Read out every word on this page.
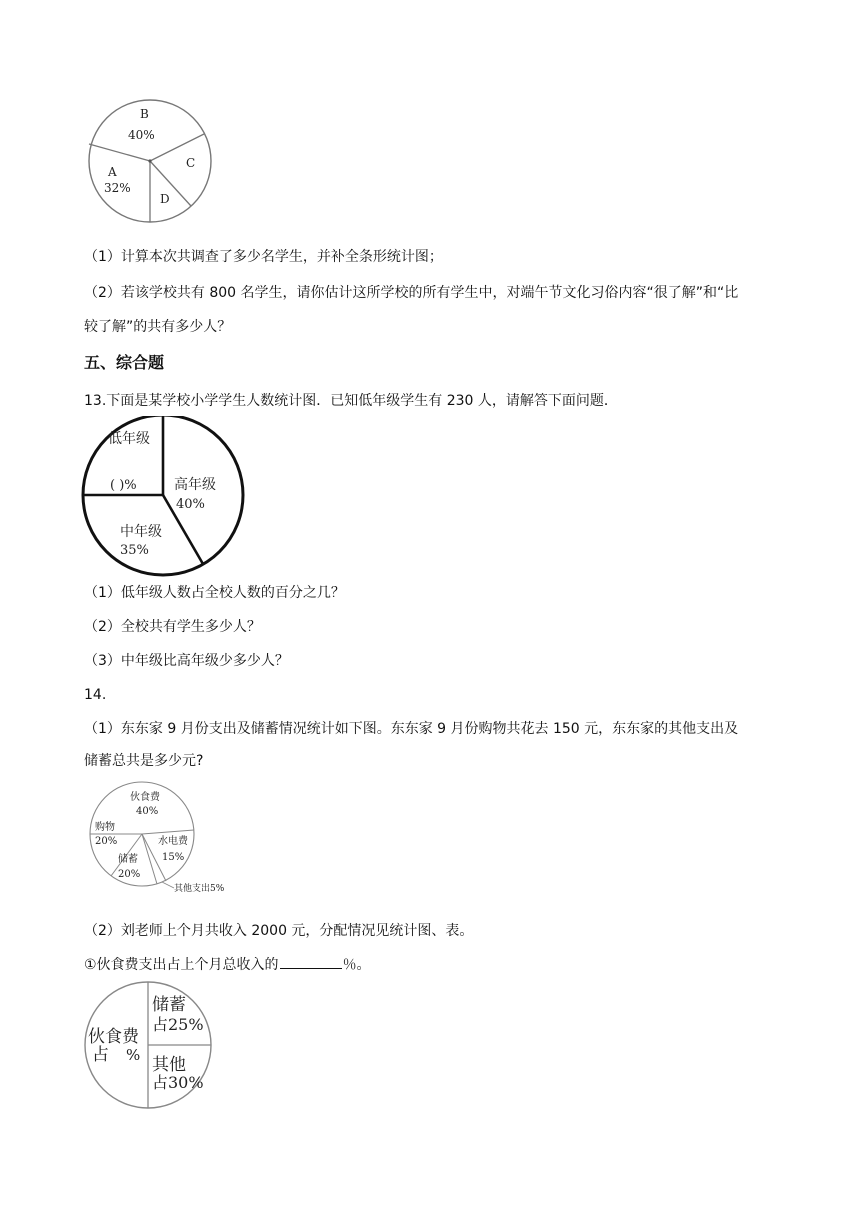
B
40%
C
D
A
32%
（1）计算本次共调查了多少名学生，并补全条形统计图；
（2）若该学校共有 800 名学生，请你估计这所学校的所有学生中，对端午节文化习俗内容“很了解”和“比
较了解”的共有多少人？
五、综合题
13.下面是某学校小学学生人数统计图．已知低年级学生有 230 人，请解答下面问题．
低年级
( )%	高年级
40%
中年级
35%
（1）低年级人数占全校人数的百分之几？
（2）全校共有学生多少人？
（3）中年级比高年级少多少人？
14.
（1）东东家 9 月份支出及储蓄情况统计如下图。东东家 9 月份购物共花去 150 元，东东家的其他支出及
储蓄总共是多少元?
伙食费
40%
购物
20%	水电费
15%
储蓄
20%
其他支出5%
（2）刘老师上个月共收入 2000 元，分配情况见统计图、表。
①伙食费支出占上个月总收入的	％。
伙食费
占 %
储蓄
占25%
其他
占30%
